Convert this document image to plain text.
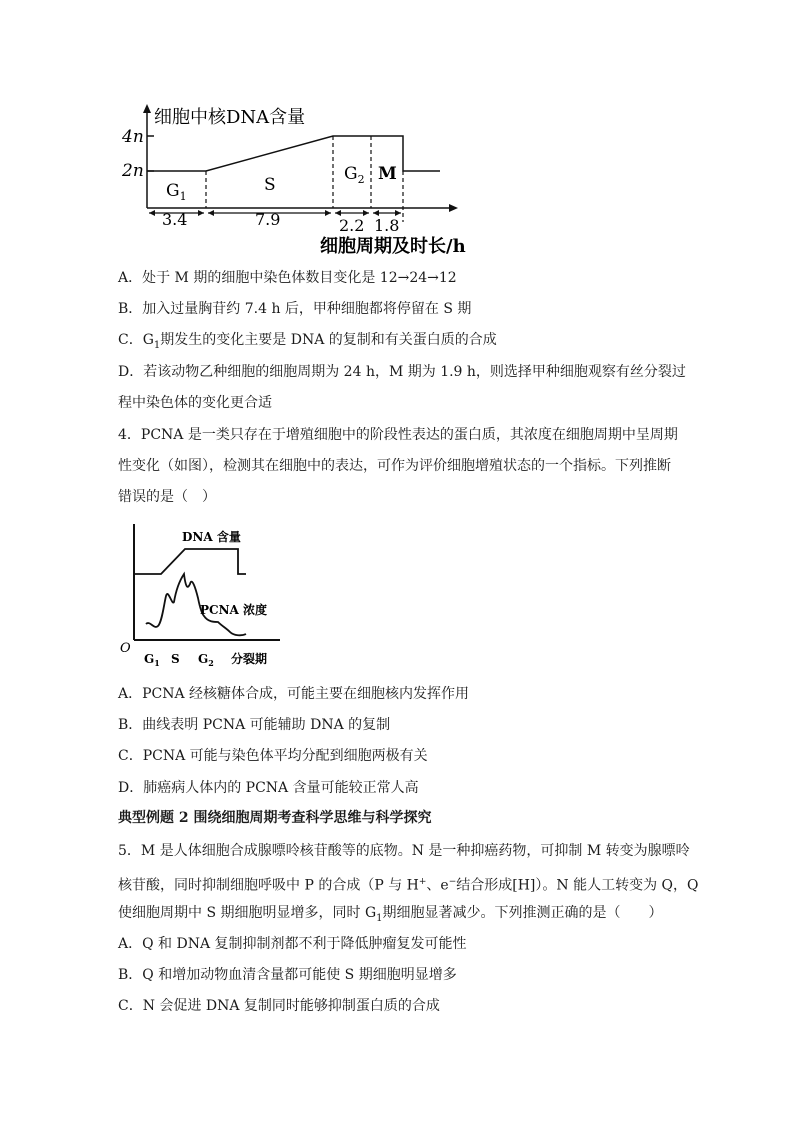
细胞中核DNA含量
4n
2n
$G_1$
S
$G_2$ M
3.4	7.9	2.2 1.8
细胞周期及时长/h
A．处于 M 期的细胞中染色体数目变化是 12→24→12
B．加入过量胸苷约 7.4 h 后，甲种细胞都将停留在 S 期
C．$G_1$期发生的变化主要是 DNA 的复制和有关蛋白质的合成
D．若该动物乙种细胞的细胞周期为 24 h，M 期为 1.9 h，则选择甲种细胞观察有丝分裂过
程中染色体的变化更合适
4．PCNA 是一类只存在于增殖细胞中的阶段性表达的蛋白质，其浓度在细胞周期中呈周期
性变化（如图），检测其在细胞中的表达，可作为评价细胞增殖状态的一个指标。下列推断
错误的是（　）
O
DNA 含量
PCNA 浓度
$G_1$ S $G_2$ 分裂期
A．PCNA 经核糖体合成，可能主要在细胞核内发挥作用
B．曲线表明 PCNA 可能辅助 DNA 的复制
C．PCNA 可能与染色体平均分配到细胞两极有关
D．肺癌病人体内的 PCNA 含量可能较正常人高
典型例题 2 围绕细胞周期考查科学思维与科学探究
5．M 是人体细胞合成腺嘌呤核苷酸等的底物。N 是一种抑癌药物，可抑制 M 转变为腺嘌呤
核苷酸，同时抑制细胞呼吸中 P 的合成（P 与 H+、e−结合形成[H]）。N 能人工转变为 Q，Q
使细胞周期中 S 期细胞明显增多，同时 $G_1$期细胞显著减少。下列推测正确的是（　　）
A．Q 和 DNA 复制抑制剂都不利于降低肿瘤复发可能性
B．Q 和增加动物血清含量都可能使 S 期细胞明显增多
C．N 会促进 DNA 复制同时能够抑制蛋白质的合成
